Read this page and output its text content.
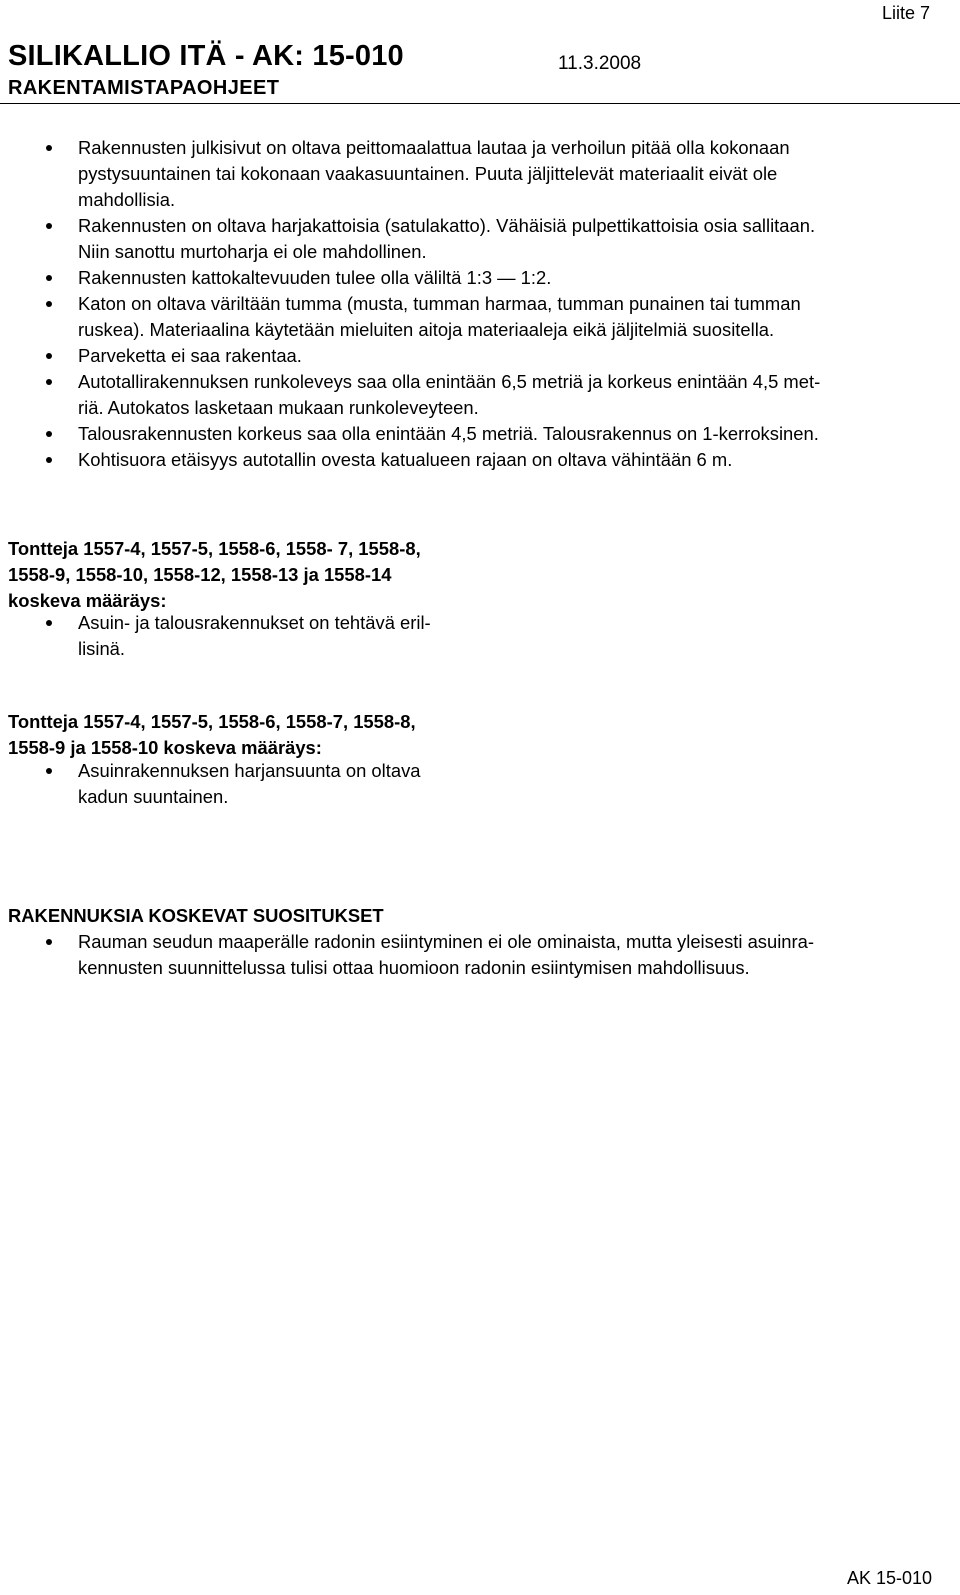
Liite 7
SILIKALLIO ITÄ - AK: 15-010	11.3.2008
RAKENTAMISTAPAOHJEET
Rakennusten julkisivut on oltava peittomaalattua lautaa ja verhoilun pitää olla kokonaan
pystysuuntainen tai kokonaan vaakasuuntainen. Puuta jäljittelevät materiaalit eivät ole
mahdollisia.
Rakennusten on oltava harjakattoisia (satulakatto). Vähäisiä pulpettikattoisia osia sallitaan.
Niin sanottu murtoharja ei ole mahdollinen.
Rakennusten kattokaltevuuden tulee olla väliltä 1:3 — 1:2.
Katon on oltava väriltään tumma (musta, tumman harmaa, tumman punainen tai tumman
ruskea). Materiaalina käytetään mieluiten aitoja materiaaleja eikä jäljitelmiä suositella.
Parveketta ei saa rakentaa.
Autotallirakennuksen runkoleveys saa olla enintään 6,5 metriä ja korkeus enintään 4,5 met-
riä. Autokatos lasketaan mukaan runkoleveyteen.
Talousrakennusten korkeus saa olla enintään 4,5 metriä. Talousrakennus on 1-kerroksinen.
Kohtisuora etäisyys autotallin ovesta katualueen rajaan on oltava vähintään 6 m.
Tontteja 1557-4, 1557-5, 1558-6, 1558- 7, 1558-8,
1558-9, 1558-10, 1558-12, 1558-13 ja 1558-14
koskeva määräys:
Asuin- ja talousrakennukset on tehtävä eril-
lisinä.
Tontteja 1557-4, 1557-5, 1558-6, 1558-7, 1558-8,
1558-9 ja 1558-10 koskeva määräys:
Asuinrakennuksen harjansuunta on oltava
kadun suuntainen.
RAKENNUKSIA KOSKEVAT SUOSITUKSET
Rauman seudun maaperälle radonin esiintyminen ei ole ominaista, mutta yleisesti asuinra-
kennusten suunnittelussa tulisi ottaa huomioon radonin esiintymisen mahdollisuus.
AK 15-010
